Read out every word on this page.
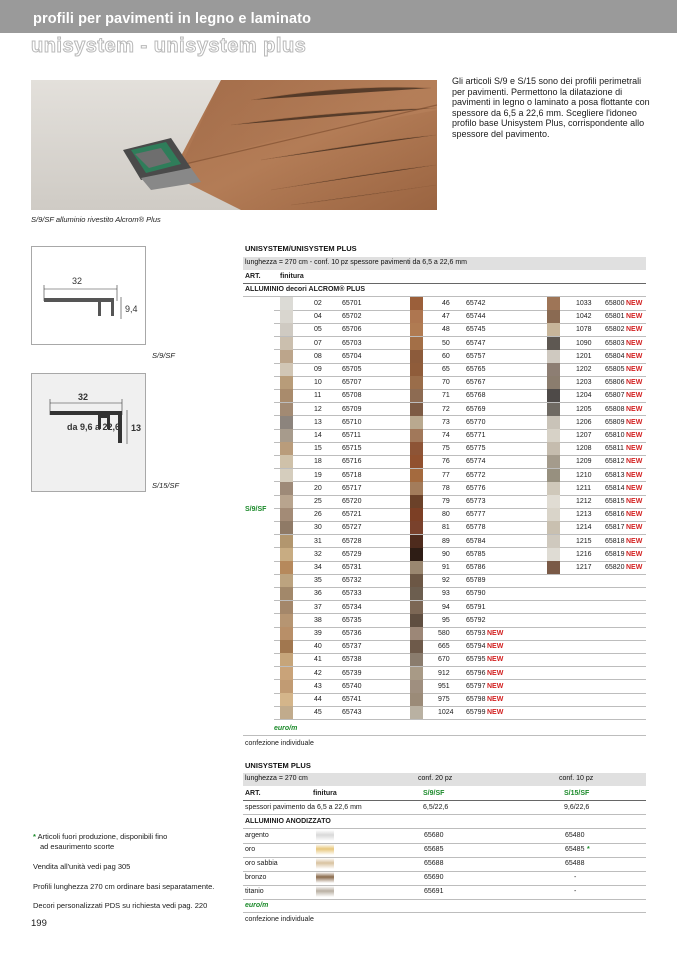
profili per pavimenti in legno e laminato
unisystem - unisystem plus
S/9/SF alluminio rivestito Alcrom® Plus
Gli articoli S/9 e S/15 sono dei profili perimetrali per pavimenti. Permettono la dilatazione di pavimenti in legno o laminato a posa flottante con spessore da 6,5 a 22,6 mm. Scegliere l'idoneo profilo base Unisystem Plus, corrispondente allo spessore del pavimento.
32
9,4
S/9/SF
32
13
da 9,6 a 22,6
S/15/SF
UNISYSTEM/UNISYSTEM PLUS
lunghezza = 270 cm - conf. 10 pz spessore pavimenti da 6,5 a 22,6 mm
ART.	finitura
ALLUMINIO decori ALCROM® PLUS
S/9/SF
02	65701	46 65742	1033 65800 NEW
04	65702	47 65744	1042 65801 NEW
05	65706	48 65745	1078 65802 NEW
07	65703	50 65747	1090 65803 NEW
08	65704	60 65757	1201 65804 NEW
09	65705	65 65765	1202 65805 NEW
10	65707	70 65767	1203 65806 NEW
11	65708	71 65768	1204 65807 NEW
12	65709	72 65769	1205 65808 NEW
13	65710	73 65770	1206 65809 NEW
14	65711	74 65771	1207 65810 NEW
15	65715	75 65775	1208 65811 NEW
18	65716	76 65774	1209 65812 NEW
19	65718	77 65772	1210 65813 NEW
20	65717	78 65776	1211 65814 NEW
25	65720	79 65773	1212 65815 NEW
26	65721	80 65777	1213 65816 NEW
30	65727	81 65778	1214 65817 NEW
31	65728	89 65784	1215 65818 NEW
32	65729	90 65785	1216 65819 NEW
34	65731	91 65786	1217 65820 NEW
35	65732	92 65789
36	65733	93 65790
37	65734	94 65791
38	65735	95 65792
39	65736	580 65793 NEW
40	65737	665 65794 NEW
41	65738	670 65795 NEW
42	65739	912 65796 NEW
43	65740	951 65797 NEW
44	65741	975 65798 NEW
45	65743	1024 65799 NEW
euro/m
confezione individuale
UNISYSTEM PLUS
lunghezza = 270 cm	conf. 20 pz	conf. 10 pz
ART.	finitura	S/9/SF	S/15/SF
spessori pavimento da 6,5 a 22,6 mm	6,5/22,6	9,6/22,6
ALLUMINIO ANODIZZATO
argento	65680	65480
oro	65685	65485 *
oro sabbia	65688	65488
bronzo	65690	-
titanio	65691	-
euro/m
confezione individuale
* Articoli fuori produzione, disponibili fino
ad esaurimento scorte
Vendita all'unità vedi pag 305
Profili lunghezza 270 cm ordinare basi separatamente.
Decori personalizzati PDS su richiesta vedi pag. 220
199
